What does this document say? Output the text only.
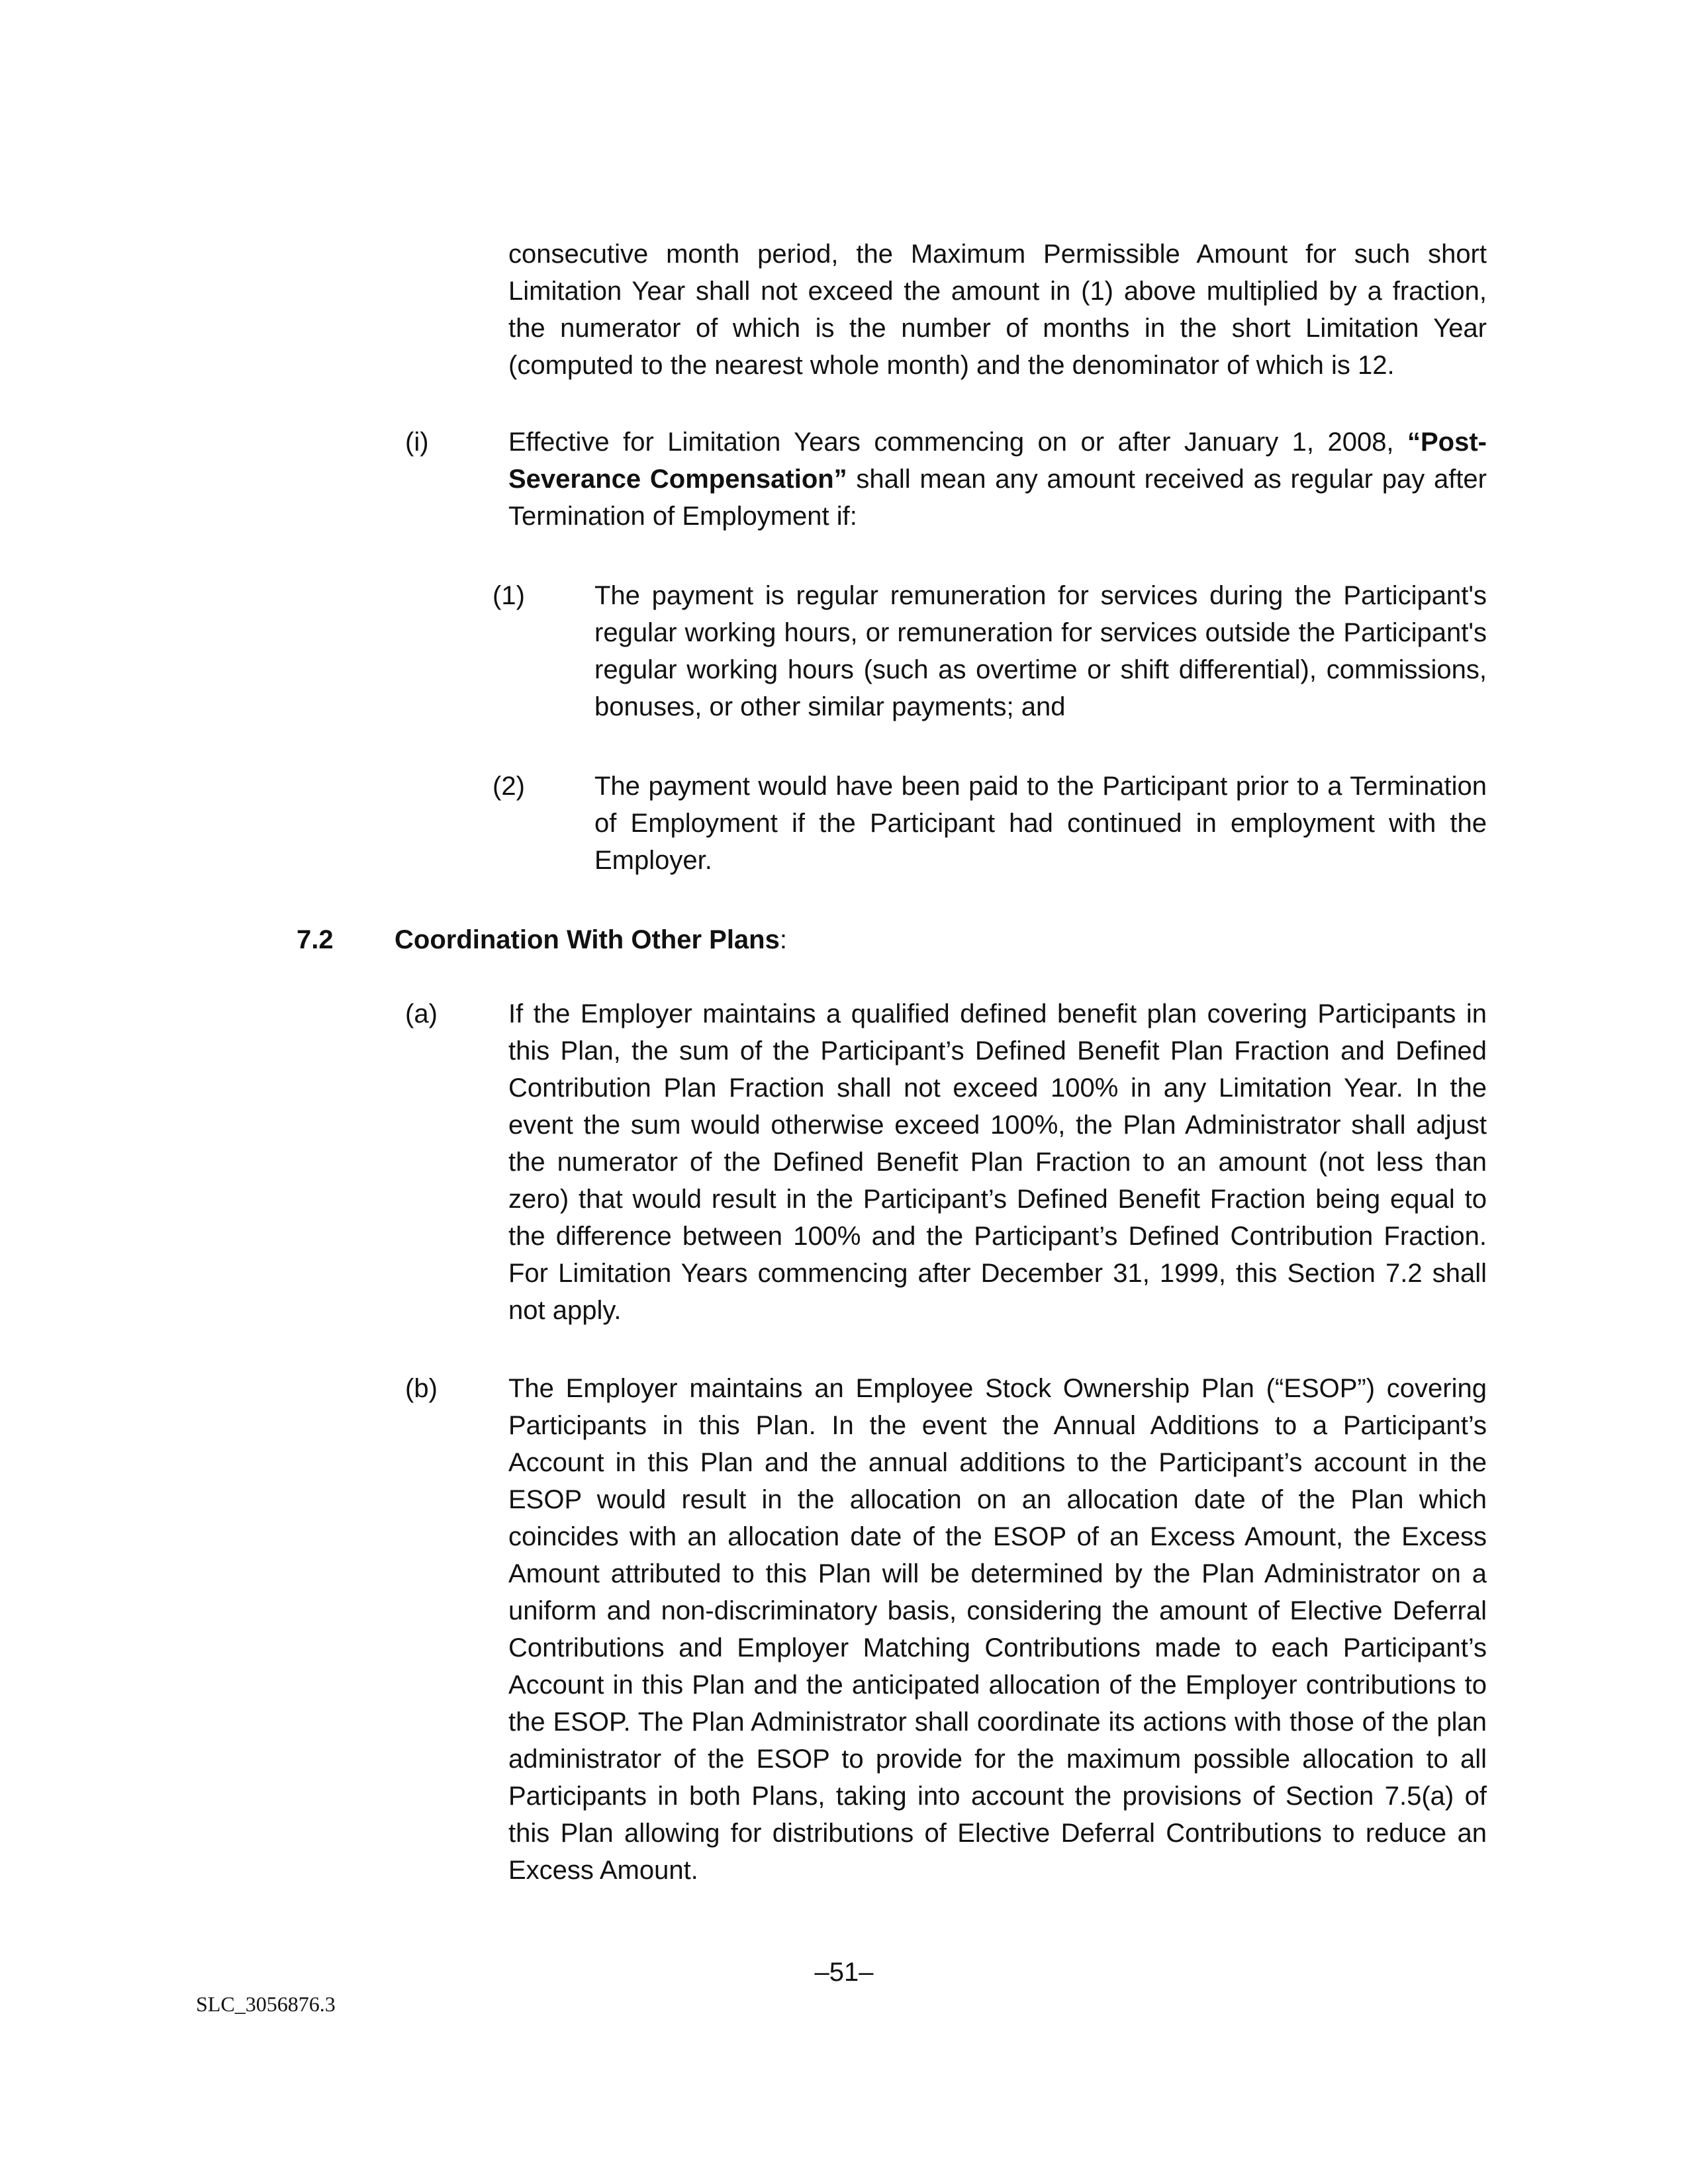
consecutive month period, the Maximum Permissible Amount for such short Limitation Year shall not exceed the amount in (1) above multiplied by a fraction, the numerator of which is the number of months in the short Limitation Year (computed to the nearest whole month) and the denominator of which is 12.

(i)	Effective for Limitation Years commencing on or after January 1, 2008, “Post-Severance Compensation” shall mean any amount received as regular pay after Termination of Employment if:

(1)	The payment is regular remuneration for services during the Participant's regular working hours, or remuneration for services outside the Participant's regular working hours (such as overtime or shift differential), commissions, bonuses, or other similar payments; and

(2)	The payment would have been paid to the Participant prior to a Termination of Employment if the Participant had continued in employment with the Employer.

7.2 Coordination With Other Plans:
(a)	If the Employer maintains a qualified defined benefit plan covering Participants in this Plan, the sum of the Participant’s Defined Benefit Plan Fraction and Defined Contribution Plan Fraction shall not exceed 100% in any Limitation Year. In the event the sum would otherwise exceed 100%, the Plan Administrator shall adjust the numerator of the Defined Benefit Plan Fraction to an amount (not less than zero) that would result in the Participant’s Defined Benefit Fraction being equal to the difference between 100% and the Participant’s Defined Contribution Fraction. For Limitation Years commencing after December 31, 1999, this Section 7.2 shall not apply.

(b)	The Employer maintains an Employee Stock Ownership Plan (“ESOP”) covering Participants in this Plan. In the event the Annual Additions to a Participant’s Account in this Plan and the annual additions to the Participant’s account in the ESOP would result in the allocation on an allocation date of the Plan which coincides with an allocation date of the ESOP of an Excess Amount, the Excess Amount attributed to this Plan will be determined by the Plan Administrator on a uniform and non-discriminatory basis, considering the amount of Elective Deferral Contributions and Employer Matching Contributions made to each Participant’s Account in this Plan and the anticipated allocation of the Employer contributions to the ESOP. The Plan Administrator shall coordinate its actions with those of the plan administrator of the ESOP to provide for the maximum possible allocation to all Participants in both Plans, taking into account the provisions of Section 7.5(a) of this Plan allowing for distributions of Elective Deferral Contributions to reduce an Excess Amount.

–51–
SLC_3056876.3
